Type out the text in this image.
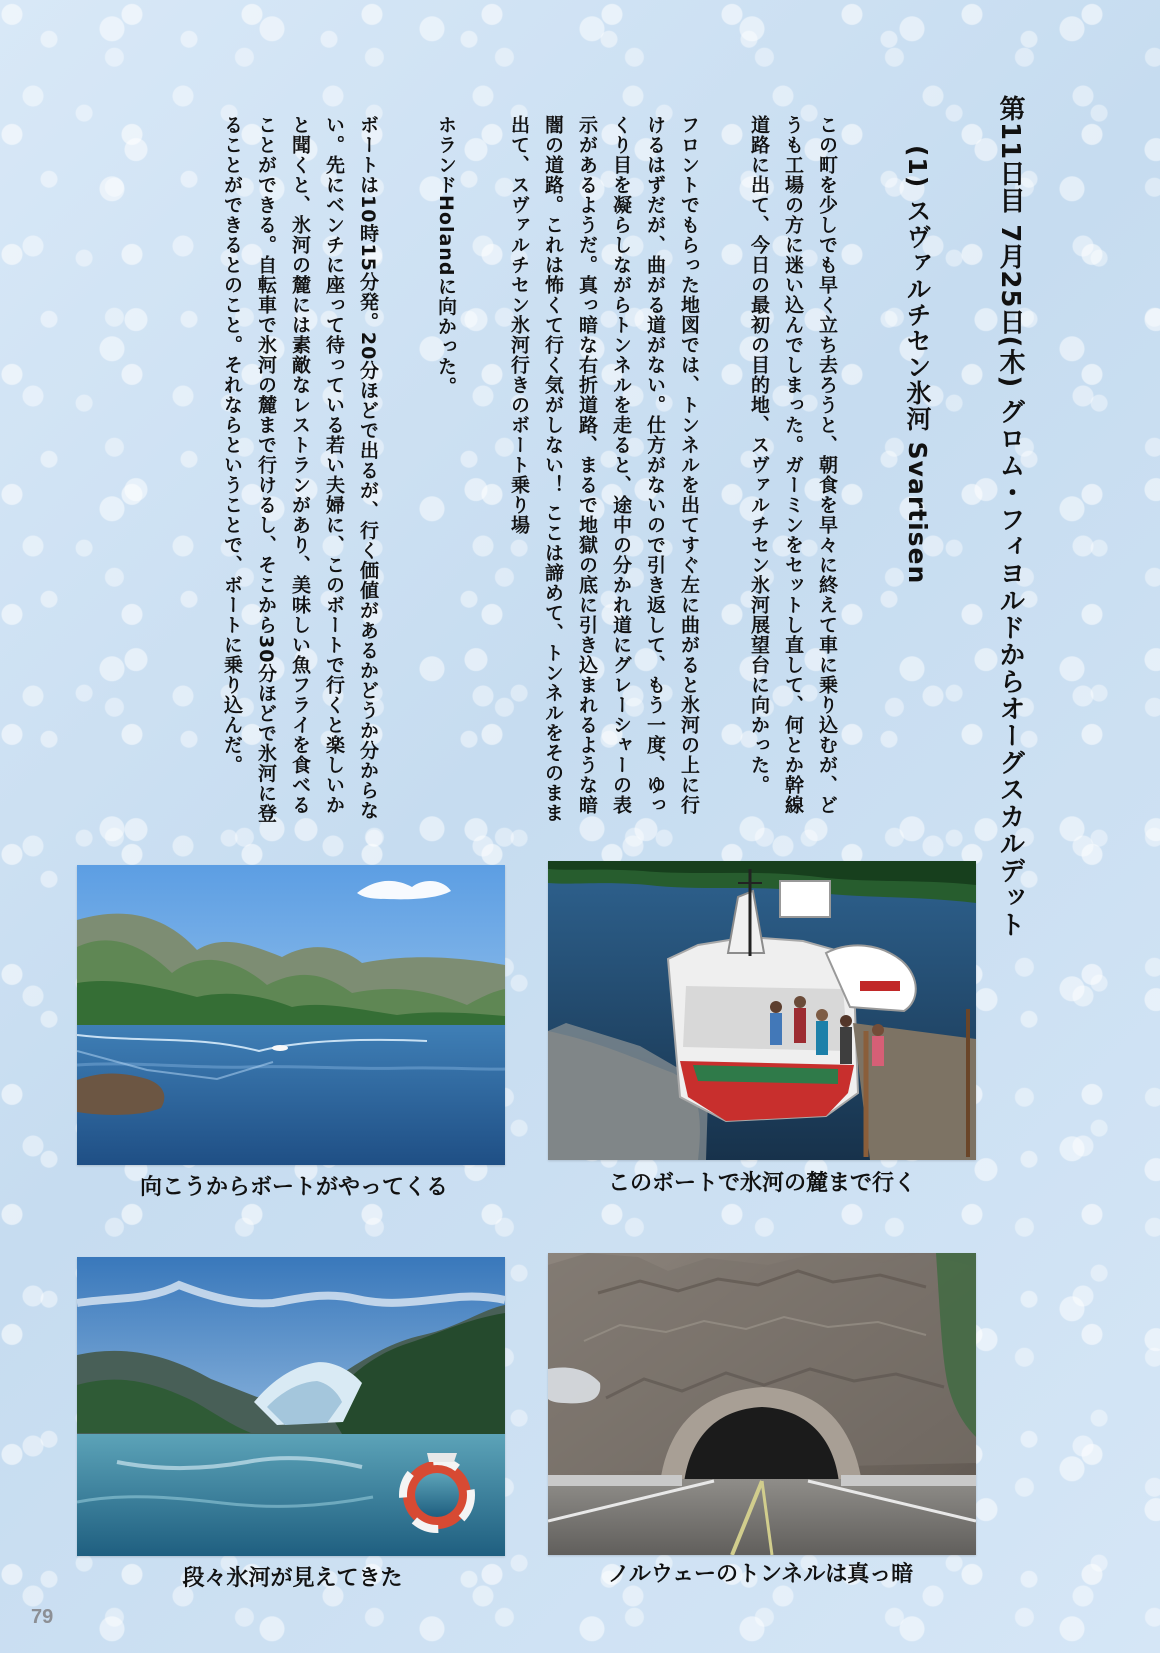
第11日目 7月25日(木) グロム・フィヨルドからオーグスカルデット
(1) スヴァルチセン氷河 Svartisen
この町を少しでも早く立ち去ろうと、朝食を早々に終えて車に乗り込むが、どうも工場の方に迷い込んでしまった。ガーミンをセットし直して、何とか幹線道路に出て、今日の最初の目的地、スヴァルチセン氷河展望台に向かった。
フロントでもらった地図では、トンネルを出てすぐ左に曲がると氷河の上に行けるはずだが、曲がる道がない。仕方がないので引き返して、もう一度、ゆっくり目を凝らしながらトンネルを走ると、途中の分かれ道にグレーシャーの表示があるようだ。真っ暗な右折道路、まるで地獄の底に引き込まれるような暗闇の道路。これは怖くて行く気がしない！ ここは諦めて、トンネルをそのまま出て、スヴァルチセン氷河行きのボート乗り場
ホランドHolandに向かった。
ボートは10時15分発。20分ほどで出るが、行く価値があるかどうか分からない。先にベンチに座って待っている若い夫婦に、このボートで行くと楽しいかと聞くと、氷河の麓には素敵なレストランがあり、美味しい魚フライを食べることができる。自転車で氷河の麓まで行けるし、そこから30分ほどで氷河に登ることができるとのこと。それならということで、ボートに乗り込んだ。
向こうからボートがやってくる	このボートで氷河の麓まで行く
段々氷河が見えてきた	ノルウェーのトンネルは真っ暗
79
